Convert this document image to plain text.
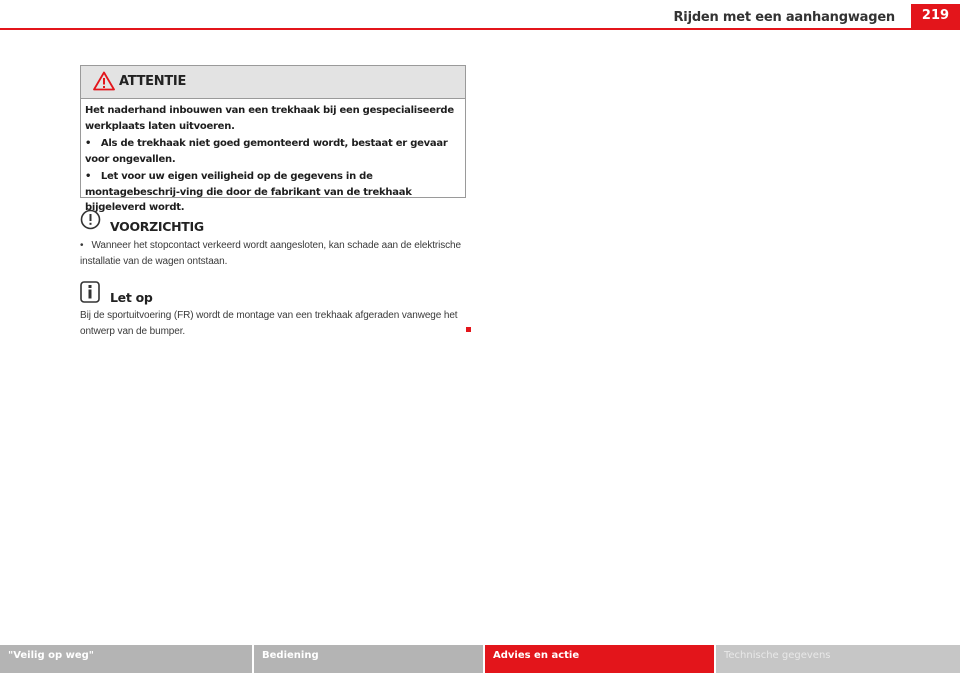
Rijden met een aanhangwagen	219
ATTENTIE

Het naderhand inbouwen van een trekhaak bij een gespecialiseerde werkplaats laten uitvoeren.

•   Als de trekhaak niet goed gemonteerd wordt, bestaat er gevaar voor ongevallen.

•   Let voor uw eigen veiligheid op de gegevens in de montagebeschrij-ving die door de fabrikant van de trekhaak bijgeleverd wordt.

VOORZICHTIG
•   Wanneer het stopcontact verkeerd wordt aangesloten, kan schade aan de elektrische installatie van de wagen ontstaan.
Let op
Bij de sportuitvoering (FR) wordt de montage van een trekhaak afgeraden vanwege het ontwerp van de bumper.
"Veilig op weg"	Bediening	Advies en actie	Technische gegevens
